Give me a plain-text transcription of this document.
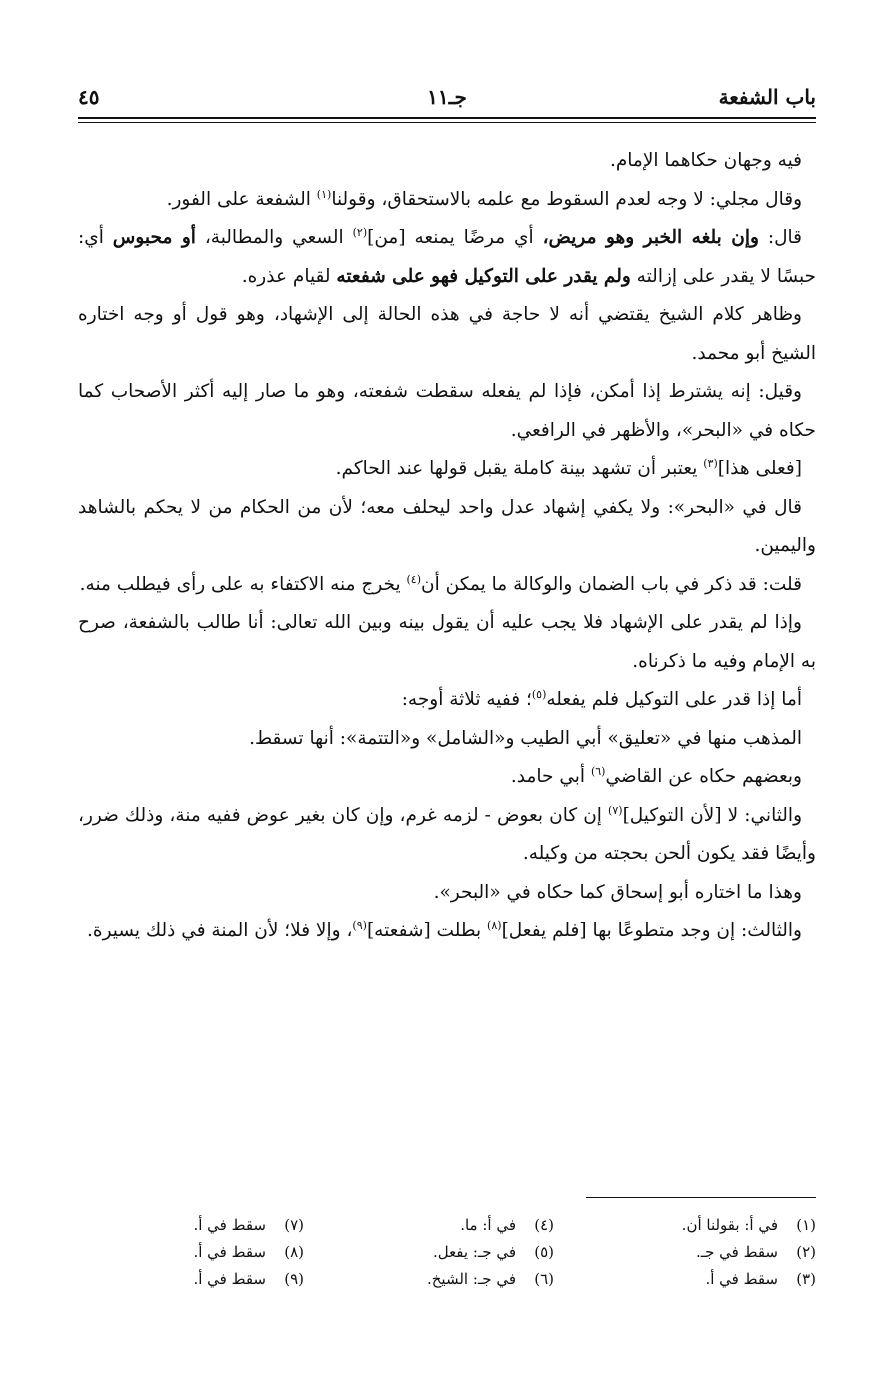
باب الشفعة
جـ١١
٤٥

فيه وجهان حكاهما الإمام.

وقال مجلي: لا وجه لعدم السقوط مع علمه بالاستحقاق، وقولنا$^{(١)}$ الشفعة على الفور.

قال: وإن بلغه الخبر وهو مريض، أي مرضًا يمنعه [من]$^{(٢)}$ السعي والمطالبة، أو محبوس أي: حبسًا لا يقدر على إزالته ولم يقدر على التوكيل فهو على شفعته لقيام عذره.

وظاهر كلام الشيخ يقتضي أنه لا حاجة في هذه الحالة إلى الإشهاد، وهو قول أو وجه اختاره الشيخ أبو محمد.

وقيل: إنه يشترط إذا أمكن، فإذا لم يفعله سقطت شفعته، وهو ما صار إليه أكثر الأصحاب كما حكاه في «البحر»، والأظهر في الرافعي.

[فعلى هذا]$^{(٣)}$ يعتبر أن تشهد بينة كاملة يقبل قولها عند الحاكم.

قال في «البحر»: ولا يكفي إشهاد عدل واحد ليحلف معه؛ لأن من الحكام من لا يحكم بالشاهد واليمين.

قلت: قد ذكر في باب الضمان والوكالة ما يمكن أن$^{(٤)}$ يخرج منه الاكتفاء به على رأى فيطلب منه.

وإذا لم يقدر على الإشهاد فلا يجب عليه أن يقول بينه وبين الله تعالى: أنا طالب بالشفعة، صرح به الإمام وفيه ما ذكرناه.

أما إذا قدر على التوكيل فلم يفعله$^{(٥)}$؛ ففيه ثلاثة أوجه:

المذهب منها في «تعليق» أبي الطيب و«الشامل» و«التتمة»: أنها تسقط.

وبعضهم حكاه عن القاضي$^{(٦)}$ أبي حامد.

والثاني: لا [لأن التوكيل]$^{(٧)}$ إن كان بعوض - لزمه غرم، وإن كان بغير عوض ففيه منة، وذلك ضرر، وأيضًا فقد يكون ألحن بحجته من وكيله.

وهذا ما اختاره أبو إسحاق كما حكاه في «البحر».

والثالث: إن وجد متطوعًا بها [فلم يفعل]$^{(٨)}$ بطلت [شفعته]$^{(٩)}$، وإلا فلا؛ لأن المنة في ذلك يسيرة.

(١)في أ: بقولنا أن.
(٢)سقط في جـ.
(٣)سقط في أ.
(٤)في أ: ما.
(٥)في جـ: يفعل.
(٦)في جـ: الشيخ.
(٧)سقط في أ.
(٨)سقط في أ.
(٩)سقط في أ.
